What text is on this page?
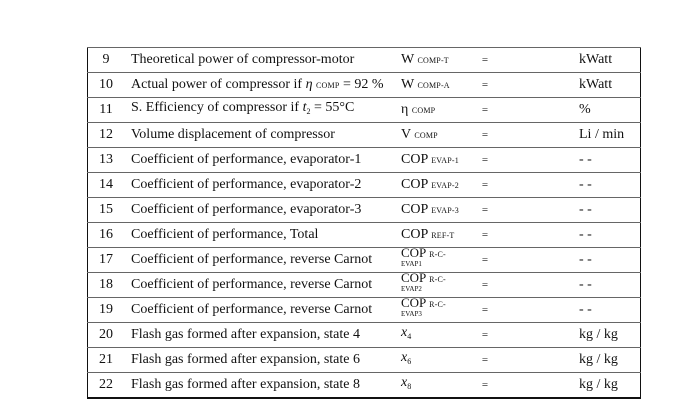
9	Theoretical power of compressor-motor	W COMP-T	=		kWatt
10	Actual power of compressor if η COMP = 92 %	W COMP-A	=		kWatt
11	S. Efficiency of compressor if $t_2 = 55^\circ C$	η COMP	=		%
12	Volume displacement of compressor	V COMP	=		Li / min
13	Coefficient of performance, evaporator-1	COP EVAP-1	=		- -
14	Coefficient of performance, evaporator-2	COP EVAP-2	=		- -
15	Coefficient of performance, evaporator-3	COP EVAP-3	=		- -
16	Coefficient of performance, Total	COP REF-T	=		- -
17	Coefficient of performance, reverse Carnot	COP R-C-
EVAP1	=		- -
18	Coefficient of performance, reverse Carnot	COP R-C-
EVAP2	=		- -
19	Coefficient of performance, reverse Carnot	COP R-C-
EVAP3	=		- -
20	Flash gas formed after expansion, state 4	$x_4$	=		kg / kg
21	Flash gas formed after expansion, state 6	$x_6$	=		kg / kg
22	Flash gas formed after expansion, state 8	$x_8$	=		kg / kg
